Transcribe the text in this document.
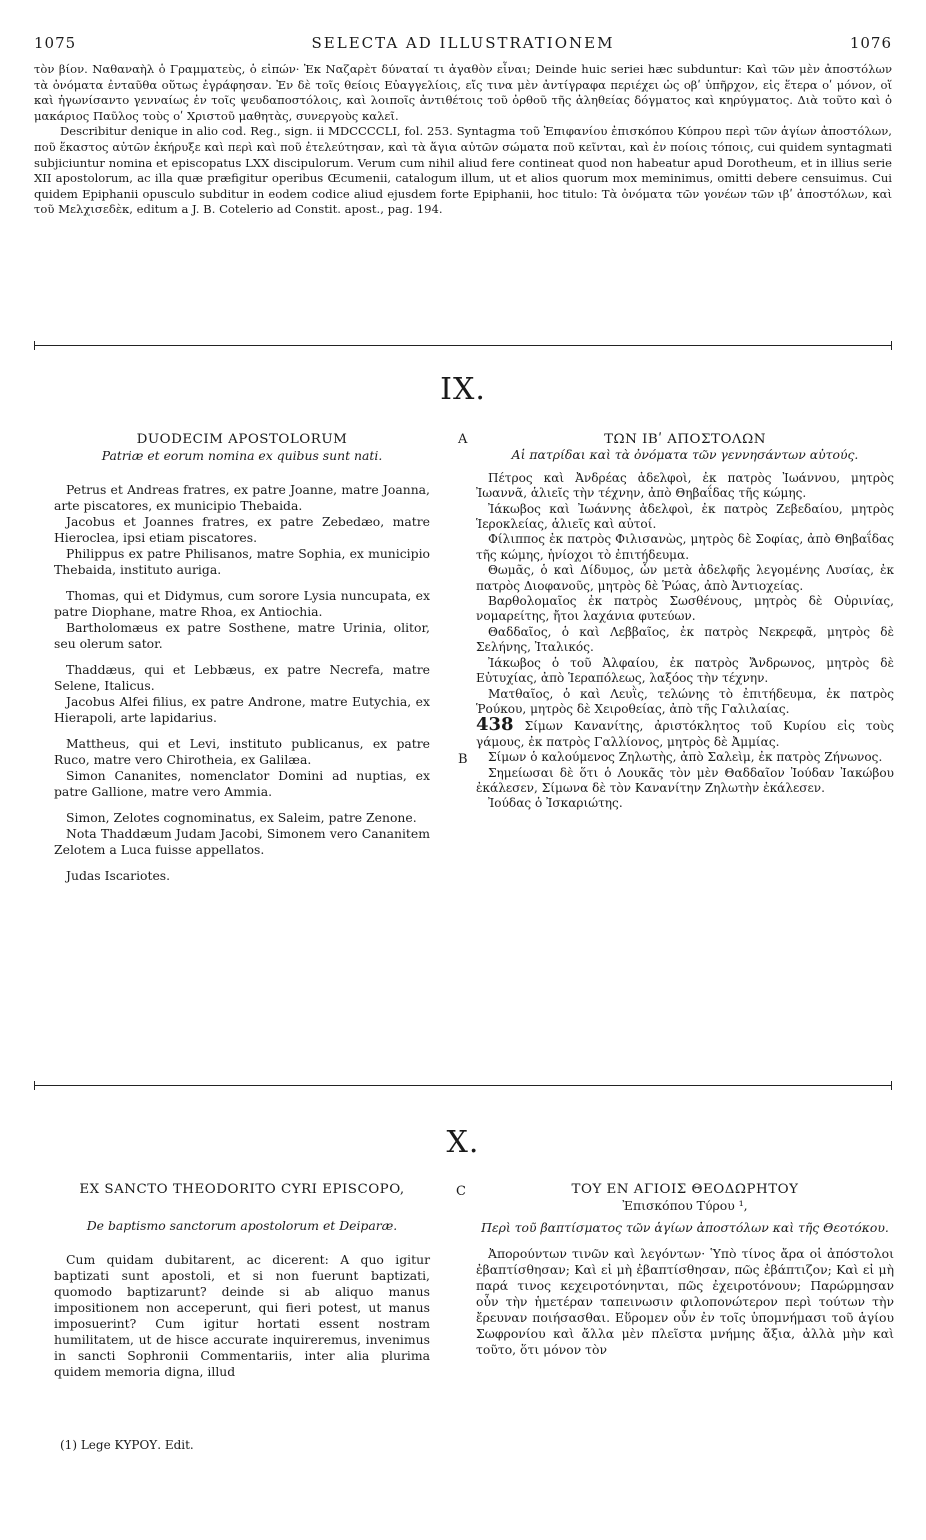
1075	SELECTA AD ILLUSTRATIONEM	1076

τὸν βίον. Ναθαναὴλ ὁ Γραμματεὺς, ὁ εἰπών· Ἐκ Ναζαρὲτ δύναταί τι ἀγαθὸν εἶναι; Deinde huic seriei hæc subduntur: Καὶ τῶν μὲν ἀποστόλων τὰ ὀνόματα ἐνταῦθα οὕτως ἐγράφησαν. Ἐν δὲ τοῖς θείοις Εὐαγγελίοις, εἴς τινα μὲν ἀντίγραφα περιέχει ὡς οβʹ ὑπῆρχον, εἰς ἕτερα οʹ μόνον, οἵ καὶ ἠγωνίσαντο γενναίως ἐν τοῖς ψευδαποστόλοις, καὶ λοιποῖς ἀντιθέτοις τοῦ ὀρθοῦ τῆς ἀληθείας δόγματος καὶ κηρύγματος. Διὰ τοῦτο καὶ ὁ μακάριος Παῦλος τοὺς οʹ Χριστοῦ μαθητὰς, συνεργοὺς καλεῖ.

Describitur denique in alio cod. Reg., sign. ii MDCCCCLI, fol. 253. Syntagma τοῦ Ἐπιφανίου ἐπισκόπου Κύπρου περὶ τῶν ἁγίων ἀποστόλων, ποῦ ἕκαστος αὐτῶν ἐκήρυξε καὶ περὶ καὶ ποῦ ἐτελεύτησαν, καὶ τὰ ἅγια αὐτῶν σώματα ποῦ κεῖνται, καὶ ἐν ποίοις τόποις, cui quidem syntagmati subjiciuntur nomina et episcopatus LXX discipulorum. Verum cum nihil aliud fere contineat quod non habeatur apud Dorotheum, et in illius serie XII apostolorum, ac illa quæ præfigitur operibus Œcumenii, catalogum illum, ut et alios quorum mox meminimus, omitti debere censuimus. Cui quidem Epiphanii opusculo subditur in eodem codice aliud ejusdem forte Epiphanii, hoc titulo: Τὰ ὀνόματα τῶν γονέων τῶν ιβʹ ἀποστόλων, καὶ τοῦ Μελχισεδὲκ, editum a J. B. Cotelerio ad Constit. apost., pag. 194.

IX.
A
B
DUODECIM APOSTOLORUM
Patriæ et eorum nomina ex quibus sunt nati.

Petrus et Andreas fratres, ex patre Joanne, matre Joanna, arte piscatores, ex municipio Thebaida.

Jacobus et Joannes fratres, ex patre Zebedæo, matre Hierocleа, ipsi etiam piscatores.

Philippus ex patre Philisanos, matre Sophia, ex municipio Thebaida, instituto auriga.

Thomas, qui et Didymus, cum sorore Lysia nuncupata, ex patre Diophane, matre Rhoa, ex Antiochia.

Bartholomæus ex patre Sosthene, matre Urinia, olitor, seu olerum sator.

Thaddæus, qui et Lebbæus, ex patre Necrefa, matre Selene, Italicus.

Jacobus Alfei filius, ex patre Androne, matre Eutychia, ex Hierapoli, arte lapidarius.

Mattheus, qui et Levi, instituto publicanus, ex patre Ruco, matre vero Chirotheia, ex Galilæa.

Simon Cananites, nomenclator Domini ad nuptias, ex patre Gallione, matre vero Ammia.

Simon, Zelotes cognominatus, ex Saleim, patre Zenone.

Nota Thaddæum Judam Jacobi, Simonem vero Cananitem Zelotem a Luca fuisse appellatos.

Judas Iscariotes.

ΤΩΝ ΙΒʹ ΑΠΟΣΤΟΛΩΝ
Αἱ πατρίδαι καὶ τὰ ὀνόματα τῶν γεννησάντων αὐτούς.

Πέτρος καὶ Ἀνδρέας ἀδελφοὶ, ἐκ πατρὸς Ἰωάννου, μητρὸς Ἰωαννᾶ, ἁλιεῖς τὴν τέχνην, ἀπὸ Θηβαΐδας τῆς κώμης.

Ἰάκωβος καὶ Ἰωάννης ἀδελφοὶ, ἐκ πατρὸς Ζεβεδαίου, μητρὸς Ἱεροκλείας, ἁλιεῖς καὶ αὐτοί.

Φίλιππος ἐκ πατρὸς Φιλισανὼς, μητρὸς δὲ Σοφίας, ἀπὸ Θηβαΐδας τῆς κώμης, ἡνίοχοι τὸ ἐπιτήδευμα.

Θωμᾶς, ὁ καὶ Δίδυμος, ὧν μετὰ ἀδελφῆς λεγομένης Λυσίας, ἐκ πατρὸς Διοφανοῦς, μητρὸς δὲ Ῥώας, ἀπὸ Ἀντιοχείας.

Βαρθολομαῖος ἐκ πατρὸς Σωσθένους, μητρὸς δὲ Οὐρινίας, νομαρείτης, ἤτοι λαχάνια φυτεύων.

Θαδδαῖος, ὁ καὶ Λεββαῖος, ἐκ πατρὸς Νεκρεφᾶ, μητρὸς δὲ Σελήνης, Ἰταλικός.

Ἰάκωβος ὁ τοῦ Ἀλφαίου, ἐκ πατρὸς Ἄνδρωνος, μητρὸς δὲ Εὐτυχίας, ἀπὸ Ἱεραπόλεως, λαξόος τὴν τέχνην.

Ματθαῖος, ὁ καὶ Λευῒς, τελώνης τὸ ἐπιτήδευμα, ἐκ πατρὸς Ῥούκου, μητρὸς δὲ Χειροθείας, ἀπὸ τῆς Γαλιλαίας.

438 Σίμων Κανανίτης, ἀριστόκλητος τοῦ Κυρίου εἰς τοὺς γάμους, ἐκ πατρὸς Γαλλίονος, μητρὸς δὲ Ἀμμίας.

Σίμων ὁ καλούμενος Ζηλωτὴς, ἀπὸ Σαλεὶμ, ἐκ πατρὸς Ζήνωνος.

Σημείωσαι δὲ ὅτι ὁ Λουκᾶς τὸν μὲν Θαδδαῖον Ἰούδαν Ἰακώβου ἐκάλεσεν, Σίμωνα δὲ τὸν Κανανίτην Ζηλωτὴν ἐκάλεσεν.

Ἰούδας ὁ Ἰσκαριώτης.

X.
C
EX SANCTO THEODORITO CYRI EPISCOPO,
De baptismo sanctorum apostolorum et Deiparæ.

Cum quidam dubitarent, ac dicerent: A quo igitur baptizati sunt apostoli, et si non fuerunt baptizati, quomodo baptizarunt? deinde si ab aliquo manus impositionem non acceperunt, qui fieri potest, ut manus imposuerint? Cum igitur hortati essent nostram humilitatem, ut de hisce accurate inquireremus, invenimus in sancti Sophronii Commentariis, inter alia plurima quidem memoria digna, illud

ΤΟΥ ΕΝ ΑΓΙΟΙΣ ΘΕΟΔΩΡΗΤΟΥ
Ἐπισκόπου Τύρου ¹,
Περὶ τοῦ βαπτίσματος τῶν ἁγίων ἀποστόλων καὶ τῆς Θεοτόκου.

Ἀπορούντων τινῶν καὶ λεγόντων· Ὑπὸ τίνος ἄρα οἱ ἀπόστολοι ἐβαπτίσθησαν; Καὶ εἰ μὴ ἐβαπτίσθησαν, πῶς ἐβάπτιζον; Καὶ εἰ μὴ παρά τινος κεχειροτόνηνται, πῶς ἐχειροτόνουν; Παρώρμησαν οὖν τὴν ἡμετέραν ταπεινωσιν φιλοπονώτερον περὶ τούτων τὴν ἔρευναν ποιήσασθαι. Εὕρομεν οὖν ἐν τοῖς ὑπομνήμασι τοῦ ἁγίου Σωφρονίου καὶ ἄλλα μὲν πλεῖστα μνήμης ἄξια, ἀλλὰ μὴν καὶ τοῦτο, ὅτι μόνον τὸν

(1) Lege ΚΥΡΟΥ. Edit.
